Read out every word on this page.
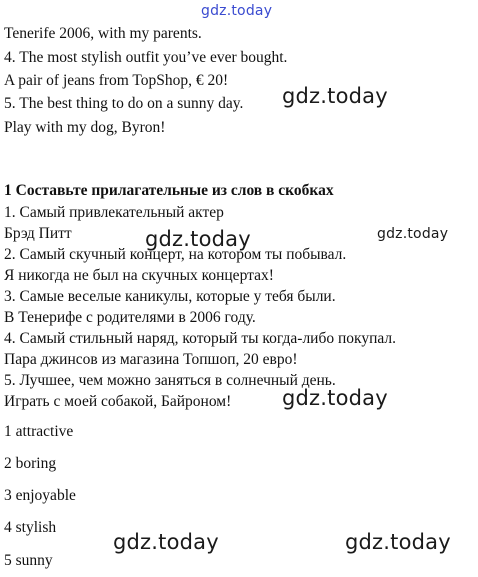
gdz.today
Tenerife 2006, with my parents.
4. The most stylish outfit you’ve ever bought.
A pair of jeans from TopShop, € 20!
5. The best thing to do on a sunny day. gdz.today
Play with my dog, Byron!
1 Составьте прилагательные из слов в скобках
1. Самый привлекательный актер
Брэд Питт	gdz.today	gdz.today
2. Самый скучный концерт, на котором ты побывал.
Я никогда не был на скучных концертах!
3. Самые веселые каникулы, которые у тебя были.
В Тенерифе с родителями в 2006 году.
4. Самый стильный наряд, который ты когда-либо покупал.
Пара джинсов из магазина Топшоп, 20 евро!
5. Лучшее, чем можно заняться в солнечный день.
Играть с моей собакой, Байроном! gdz.today
1 attractive
2 boring
3 enjoyable
4 stylish
gdz.today	gdz.today
5 sunny
